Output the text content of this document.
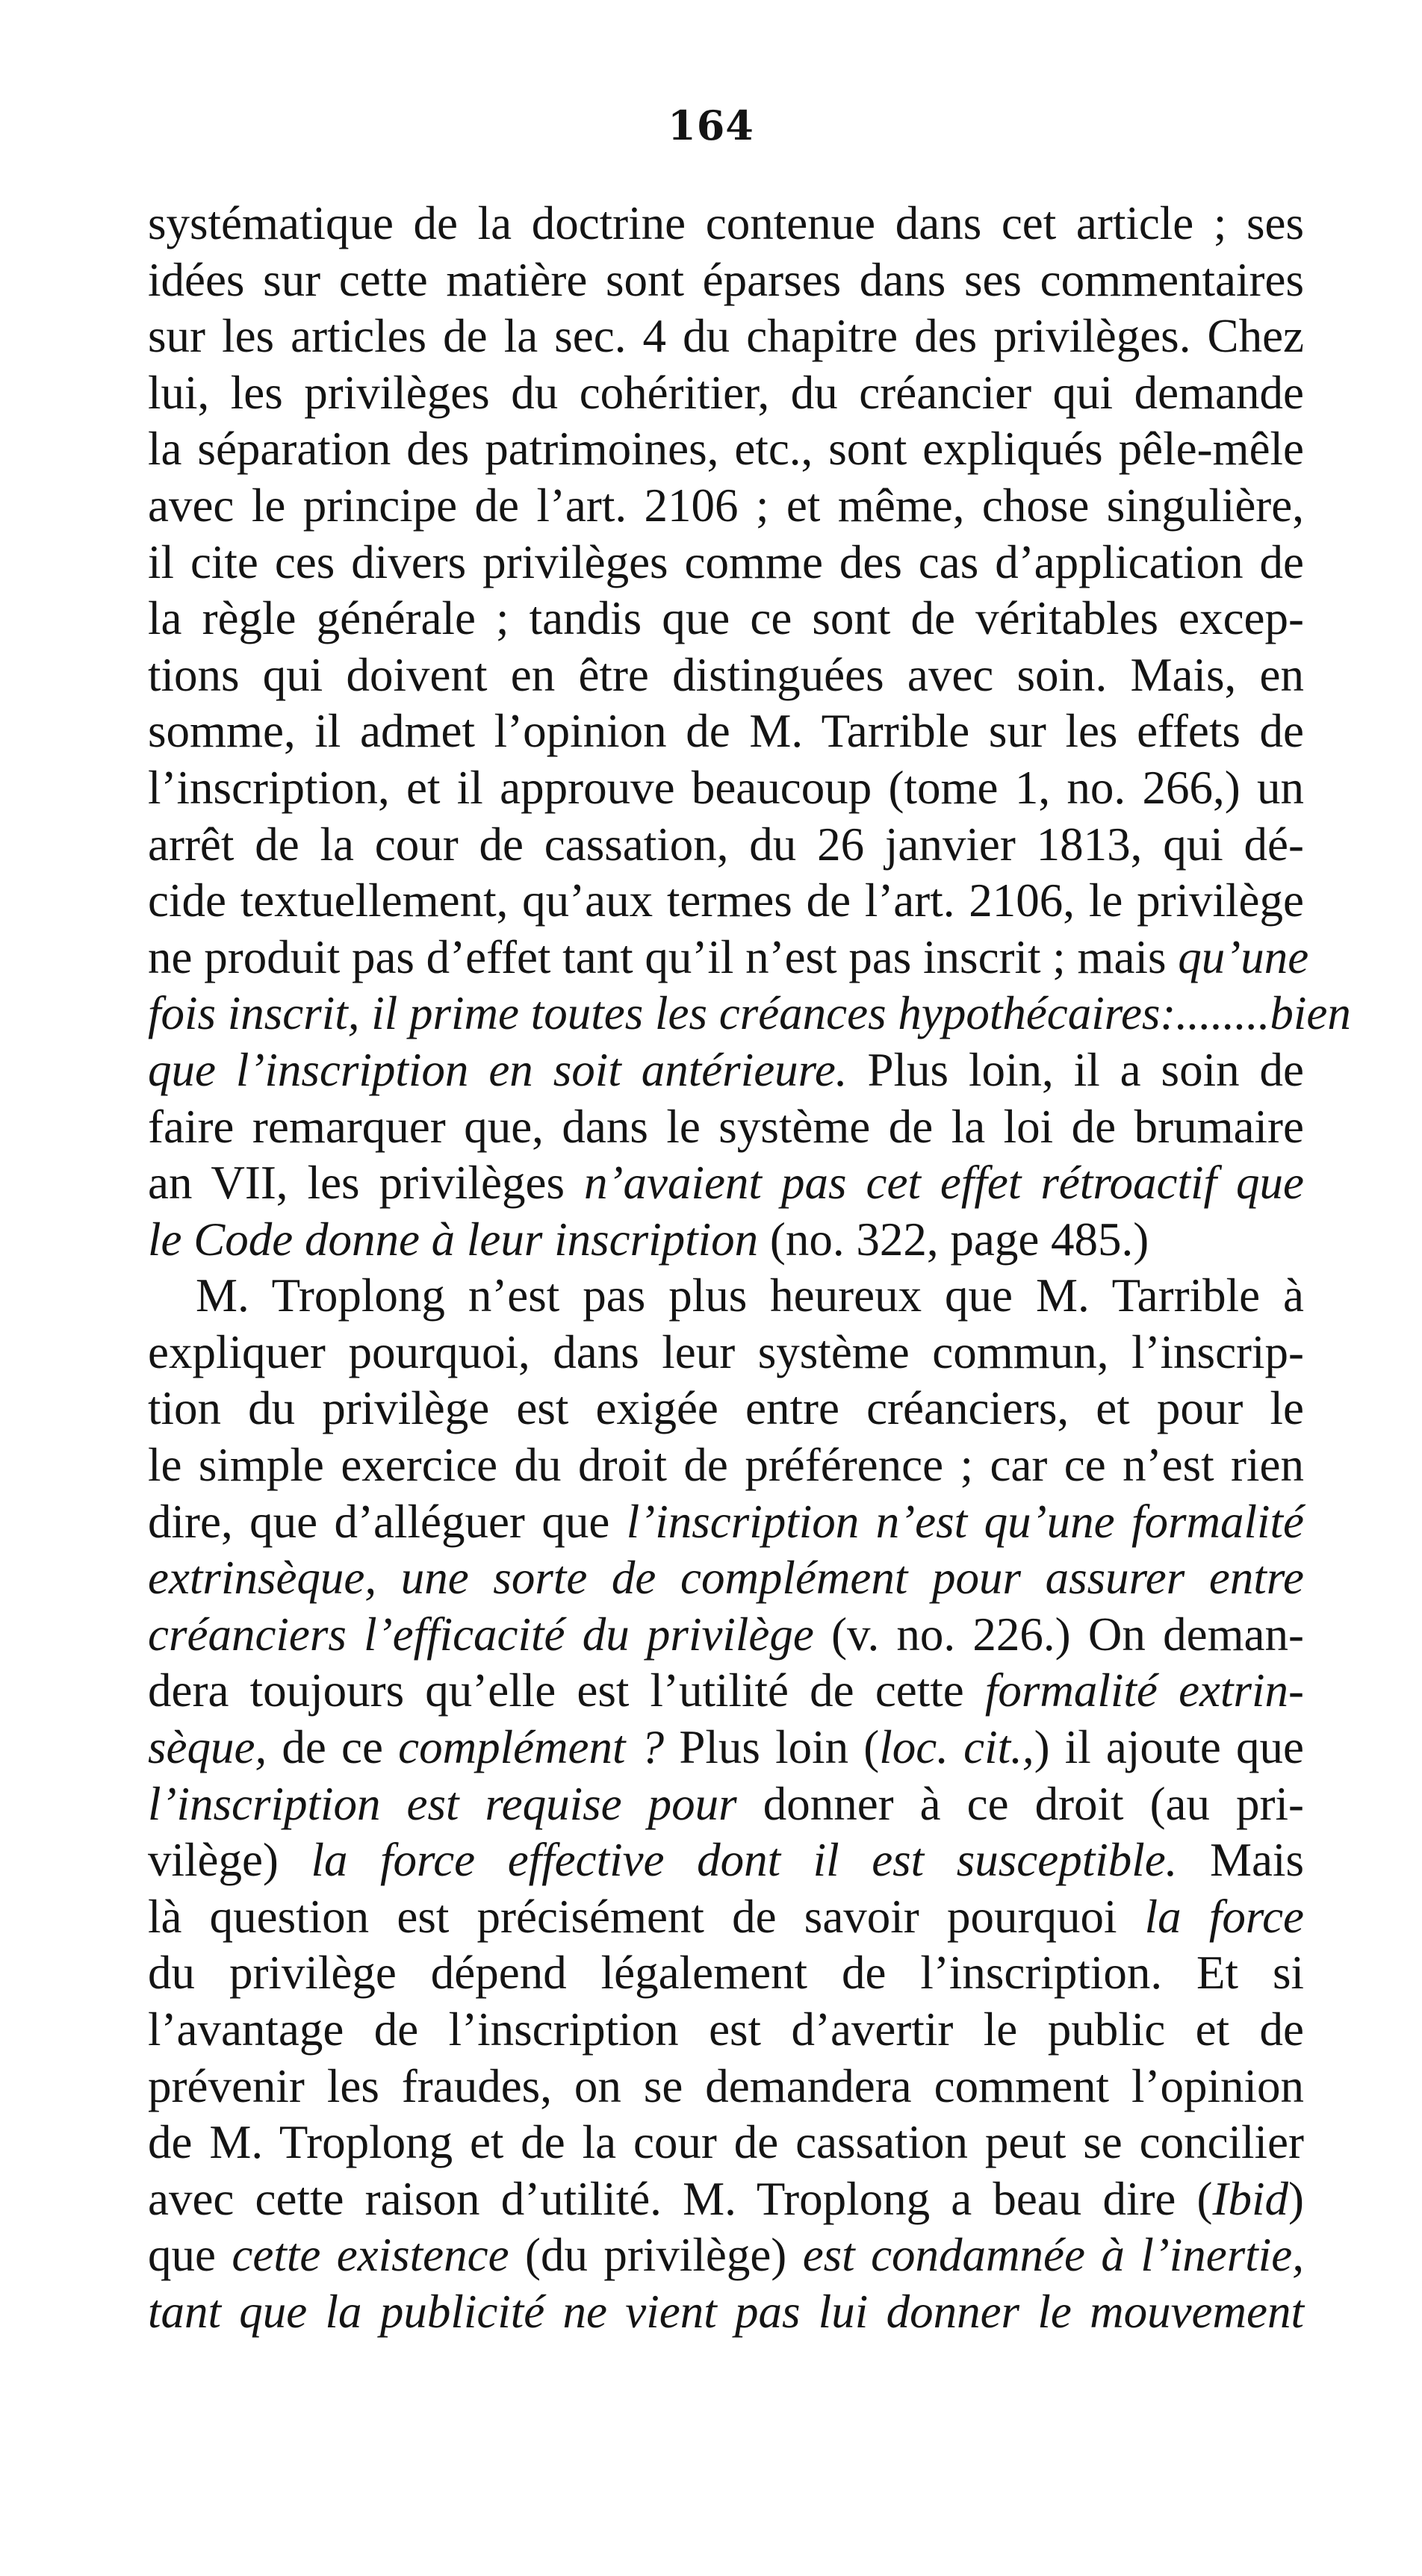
164
systématique de la doctrine contenue dans cet article ; ses
idées sur cette matière sont éparses dans ses commentaires
sur les articles de la sec. 4 du chapitre des privilèges. Chez
lui, les privilèges du cohéritier, du créancier qui demande
la séparation des patrimoines, etc., sont expliqués pêle-mêle
avec le principe de l’art. 2106 ; et même, chose singulière,
il cite ces divers privilèges comme des cas d’application de
la règle générale ; tandis que ce sont de véritables excep-
tions qui doivent en être distinguées avec soin. Mais, en
somme, il admet l’opinion de M. Tarrible sur les effets de
l’inscription, et il approuve beaucoup (tome 1, no. 266,) un
arrêt de la cour de cassation, du 26 janvier 1813, qui dé-
cide textuellement, qu’aux termes de l’art. 2106, le privilège
ne produit pas d’effet tant qu’il n’est pas inscrit ; mais qu’une
fois inscrit, il prime toutes les créances hypothécaires:........bien
que l’inscription en soit antérieure. Plus loin, il a soin de
faire remarquer que, dans le système de la loi de brumaire
an VII, les privilèges n’avaient pas cet effet rétroactif que
le Code donne à leur inscription (no. 322, page 485.)
M. Troplong n’est pas plus heureux que M. Tarrible à
expliquer pourquoi, dans leur système commun, l’inscrip-
tion du privilège est exigée entre créanciers, et pour le
le simple exercice du droit de préférence ; car ce n’est rien
dire, que d’alléguer que l’inscription n’est qu’une formalité
extrinsèque, une sorte de complément pour assurer entre
créanciers l’efficacité du privilège (v. no. 226.) On deman-
dera toujours qu’elle est l’utilité de cette formalité extrin-
sèque, de ce complément ? Plus loin (loc. cit.,) il ajoute que
l’inscription est requise pour donner à ce droit (au pri-
vilège) la force effective dont il est susceptible. Mais
là question est précisément de savoir pourquoi la force
du privilège dépend légalement de l’inscription. Et si
l’avantage de l’inscription est d’avertir le public et de
prévenir les fraudes, on se demandera comment l’opinion
de M. Troplong et de la cour de cassation peut se concilier
avec cette raison d’utilité. M. Troplong a beau dire (Ibid)
que cette existence (du privilège) est condamnée à l’inertie,
tant que la publicité ne vient pas lui donner le mouvement
